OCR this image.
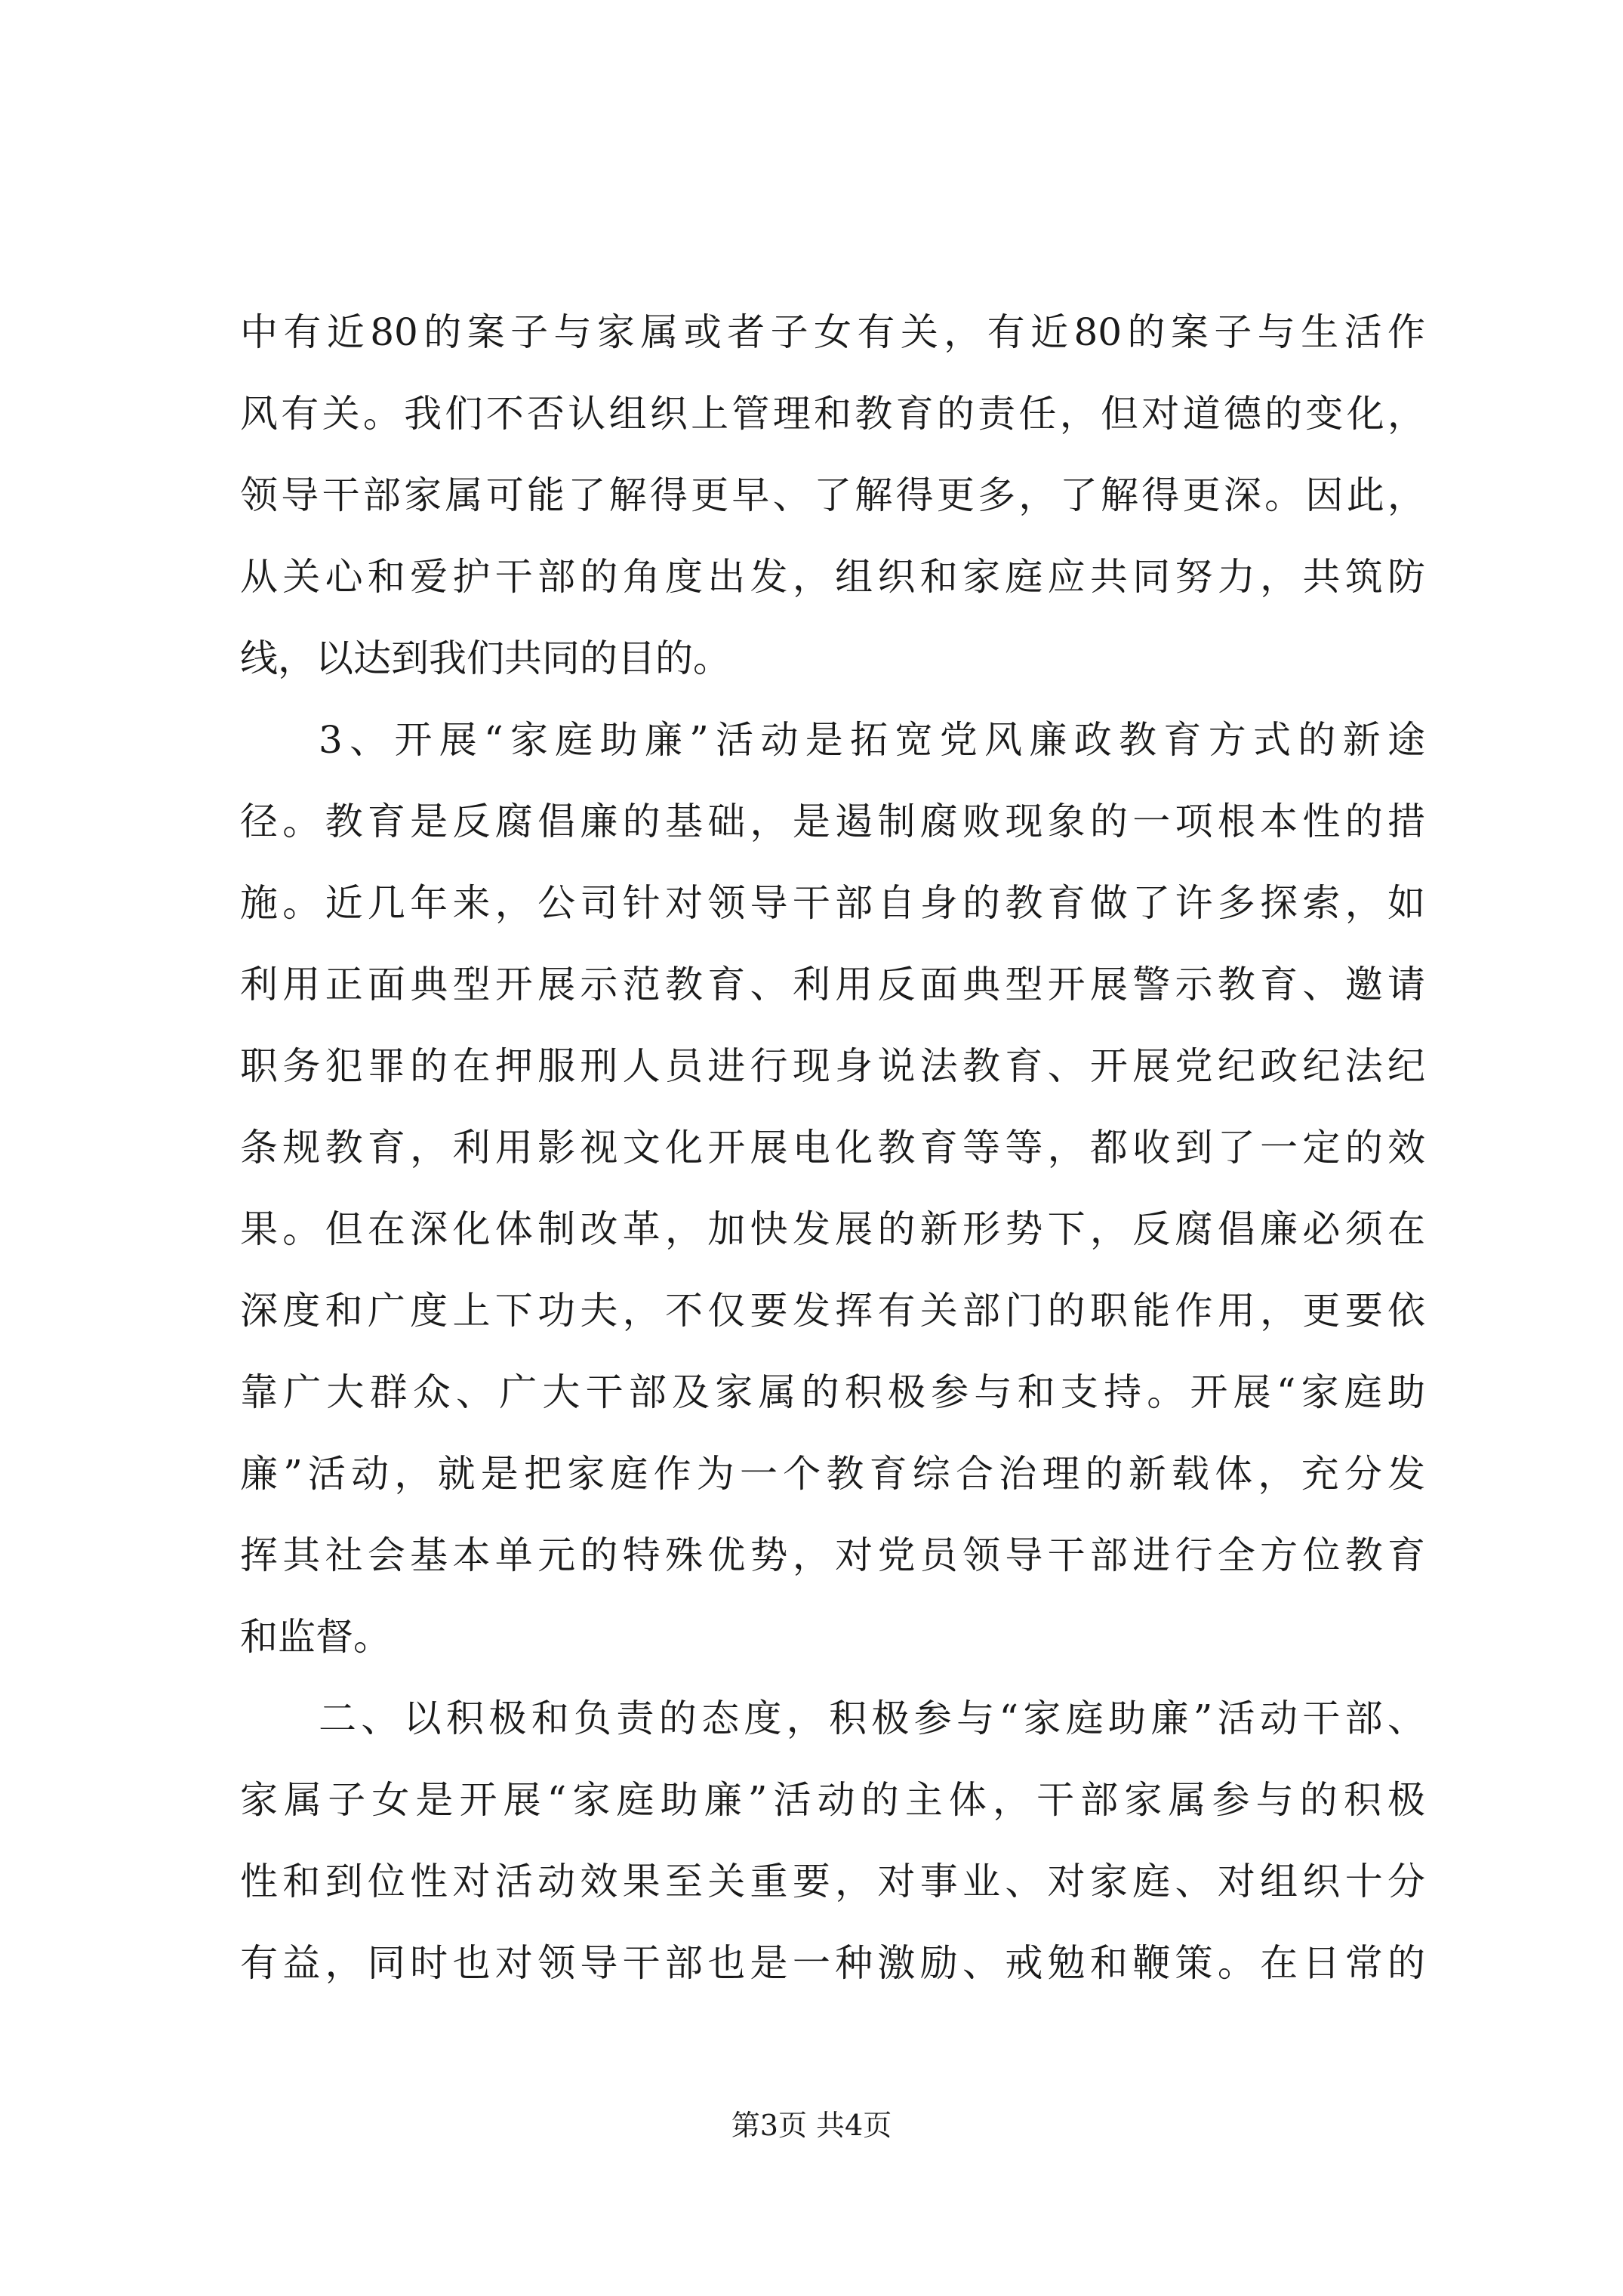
中有近80的案子与家属或者子女有关，有近80的案子与生活作
风有关。我们不否认组织上管理和教育的责任，但对道德的变化，
领导干部家属可能了解得更早、了解得更多，了解得更深。因此，
从关心和爱护干部的角度出发，组织和家庭应共同努力，共筑防
线，以达到我们共同的目的。
3、开展“家庭助廉”活动是拓宽党风廉政教育方式的新途
径。教育是反腐倡廉的基础，是遏制腐败现象的一项根本性的措
施。近几年来，公司针对领导干部自身的教育做了许多探索，如
利用正面典型开展示范教育、利用反面典型开展警示教育、邀请
职务犯罪的在押服刑人员进行现身说法教育、开展党纪政纪法纪
条规教育，利用影视文化开展电化教育等等，都收到了一定的效
果。但在深化体制改革，加快发展的新形势下，反腐倡廉必须在
深度和广度上下功夫，不仅要发挥有关部门的职能作用，更要依
靠广大群众、广大干部及家属的积极参与和支持。开展“家庭助
廉”活动，就是把家庭作为一个教育综合治理的新载体，充分发
挥其社会基本单元的特殊优势，对党员领导干部进行全方位教育
和监督。
二、以积极和负责的态度，积极参与“家庭助廉”活动干部、
家属子女是开展“家庭助廉”活动的主体，干部家属参与的积极
性和到位性对活动效果至关重要，对事业、对家庭、对组织十分
有益，同时也对领导干部也是一种激励、戒勉和鞭策。在日常的
第3页 共4页
